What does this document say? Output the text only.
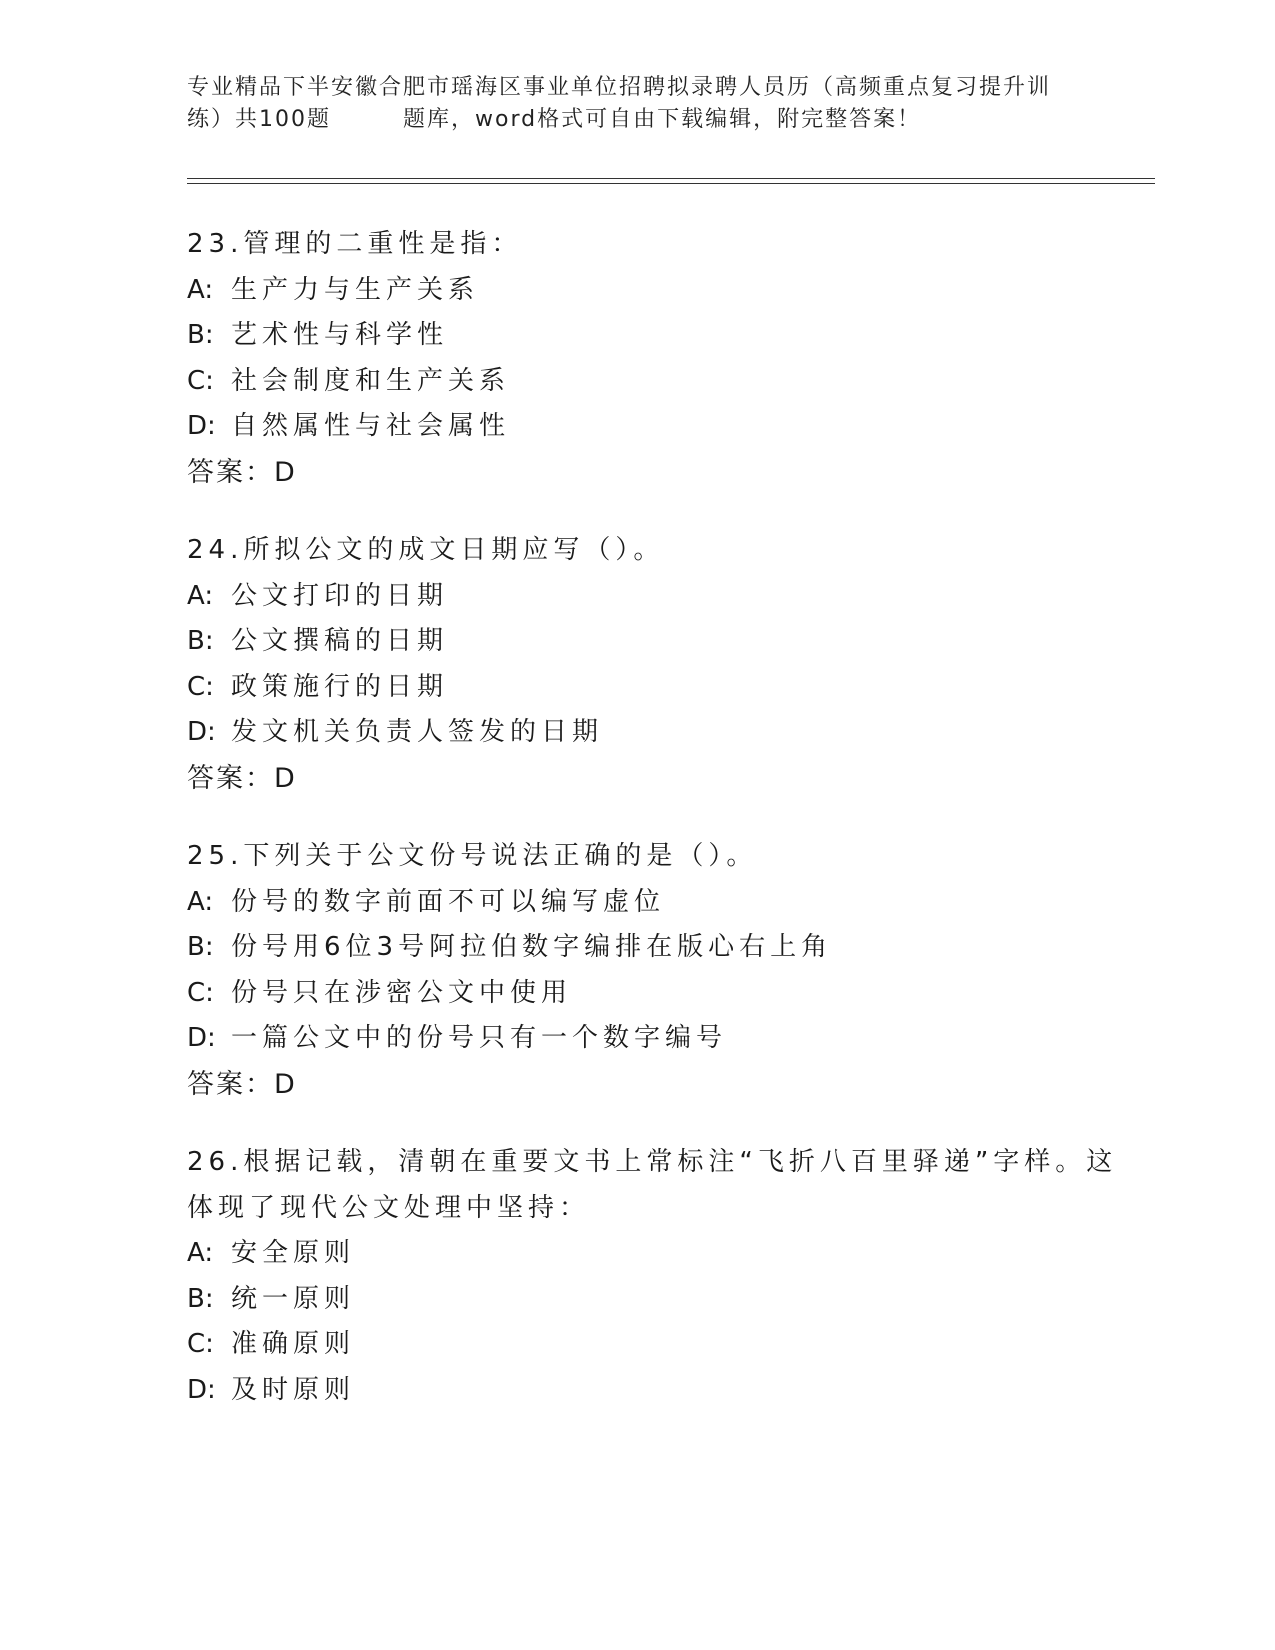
专业精品下半安徽合肥市瑶海区事业单位招聘拟录聘人员历（高频重点复习提升训
练）共100题	题库，word格式可自由下载编辑，附完整答案！
23.管理的二重性是指：
A: 生产力与生产关系
B: 艺术性与科学性
C: 社会制度和生产关系
D: 自然属性与社会属性
答案：D
24.所拟公文的成文日期应写（）。
A: 公文打印的日期
B: 公文撰稿的日期
C: 政策施行的日期
D: 发文机关负责人签发的日期
答案：D
25.下列关于公文份号说法正确的是（）。
A: 份号的数字前面不可以编写虚位
B: 份号用6位3号阿拉伯数字编排在版心右上角
C: 份号只在涉密公文中使用
D: 一篇公文中的份号只有一个数字编号
答案：D
26.根据记载，清朝在重要文书上常标注“飞折八百里驿递”字样。这
体现了现代公文处理中坚持：
A: 安全原则
B: 统一原则
C: 准确原则
D: 及时原则
